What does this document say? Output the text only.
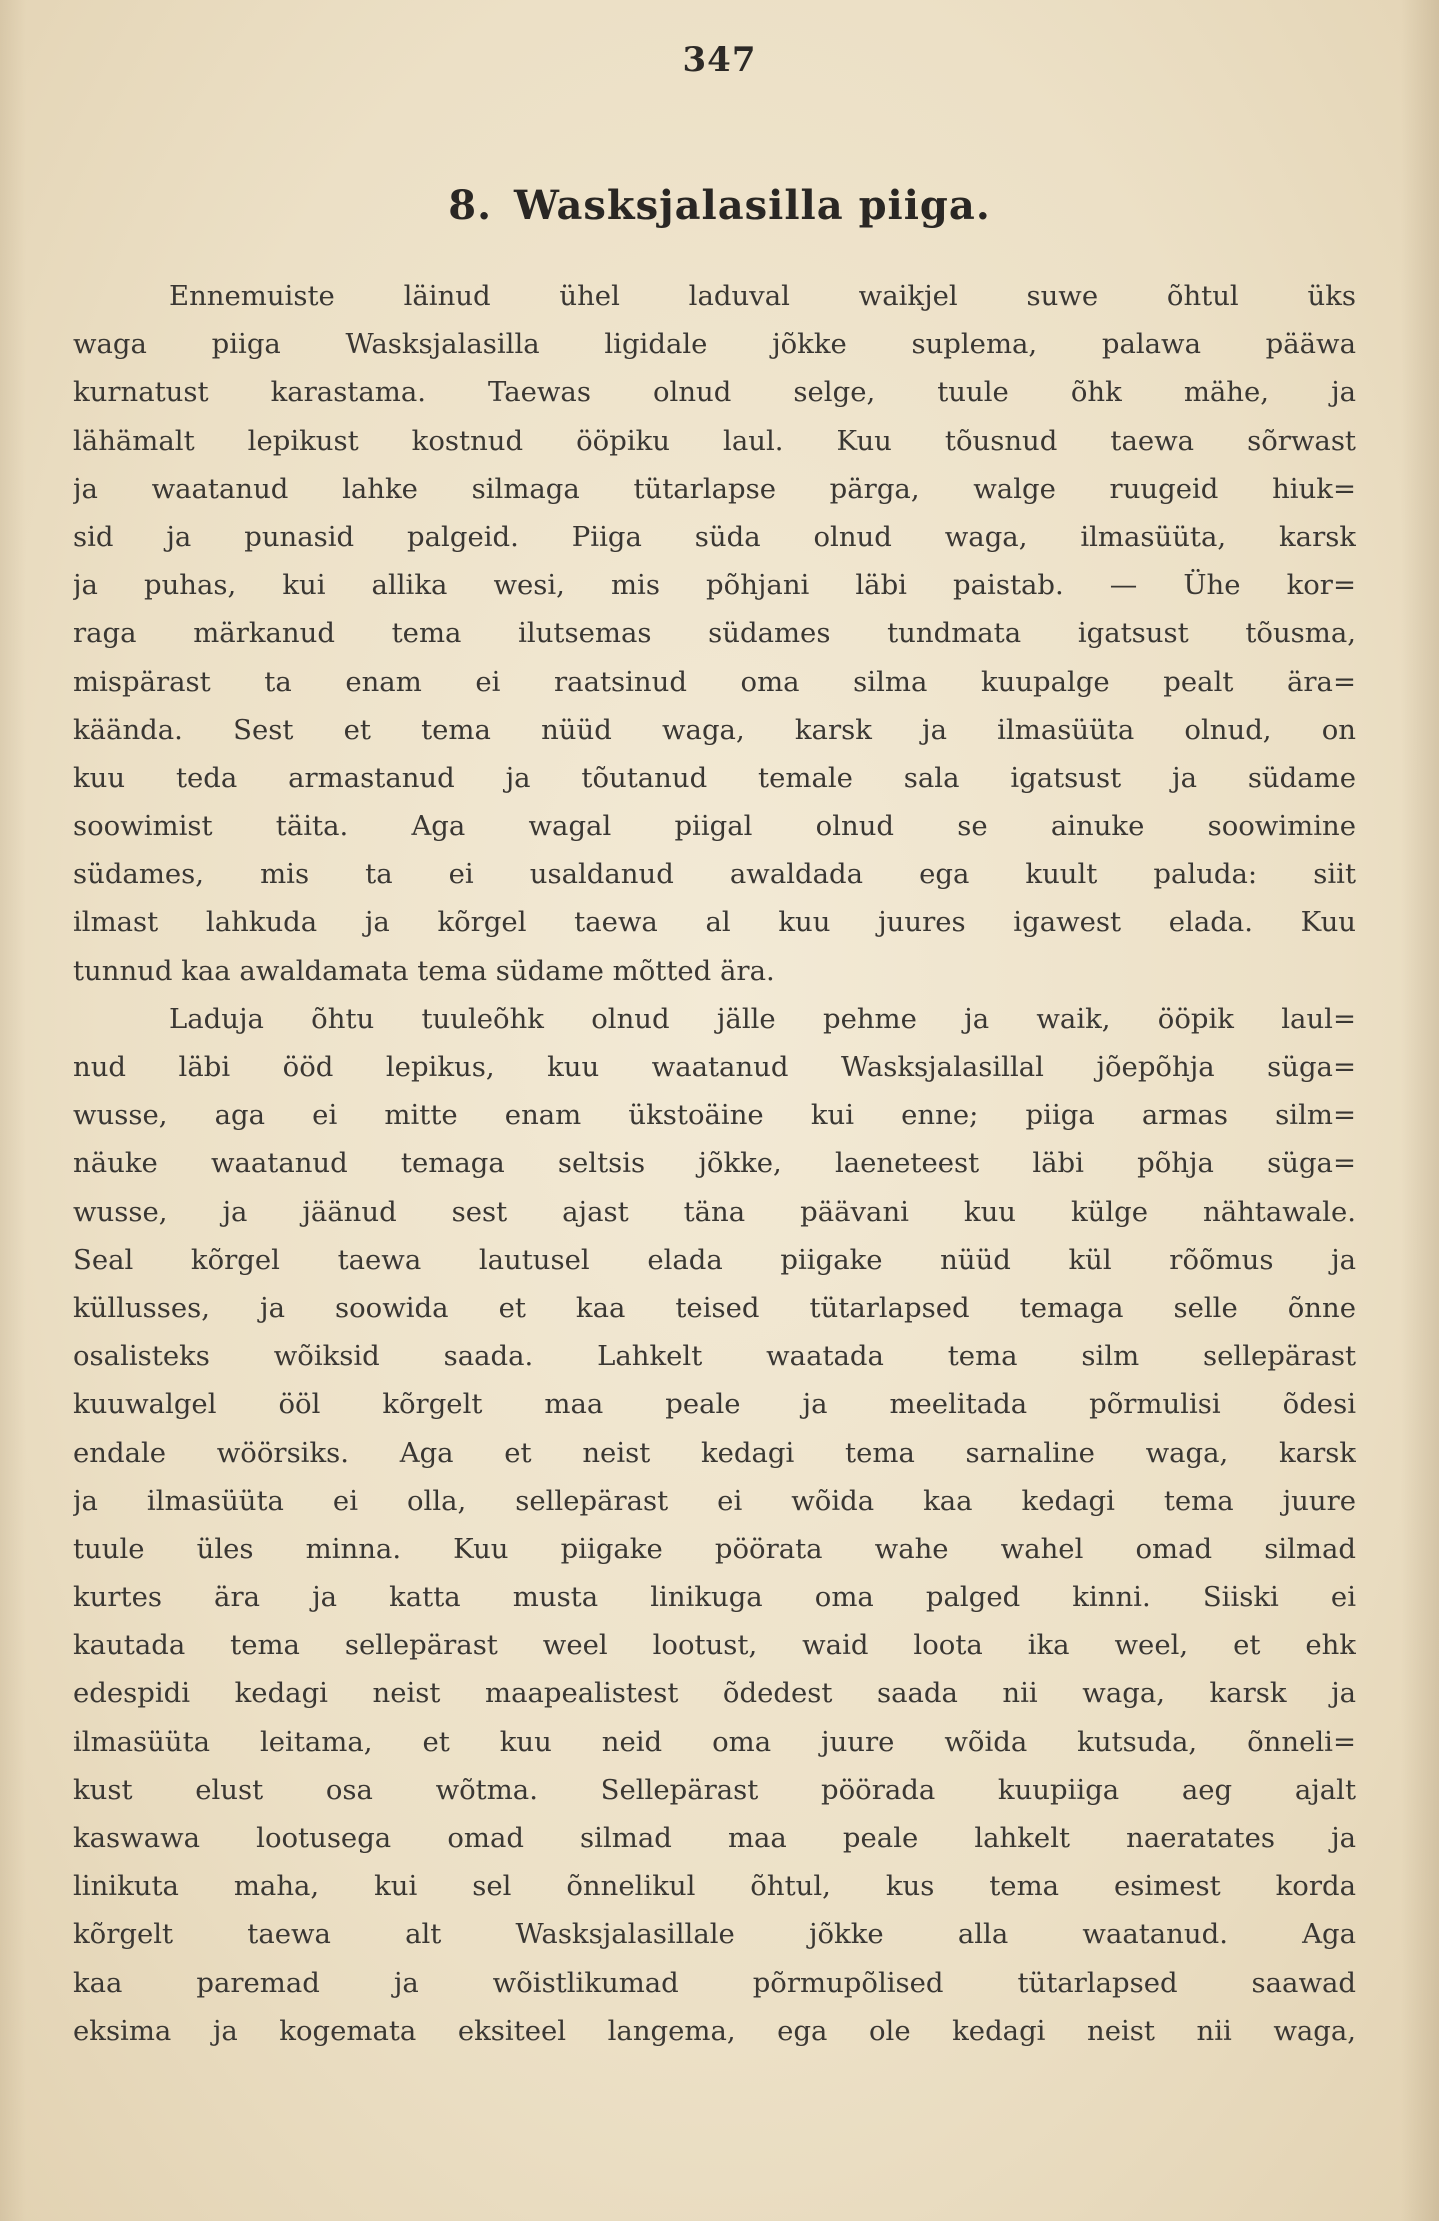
347
8. Wasksjalasilla piiga.
Ennemuiste läinud ühel laduval waikjel suwe õhtul üks
waga piiga Wasksjalasilla ligidale jõkke suplema, palawa pääwa
kurnatust karastama. Taewas olnud selge, tuule õhk mähe, ja
lähämalt lepikust kostnud ööpiku laul. Kuu tõusnud taewa sõrwast
ja waatanud lahke silmaga tütarlapse pärga, walge ruugeid hiuk=
sid ja punasid palgeid. Piiga süda olnud waga, ilmasüüta, karsk
ja puhas, kui allika wesi, mis põhjani läbi paistab. — Ühe kor=
raga märkanud tema ilutsemas südames tundmata igatsust tõusma,
mispärast ta enam ei raatsinud oma silma kuupalge pealt ära=
käända. Sest et tema nüüd waga, karsk ja ilmasüüta olnud, on
kuu teda armastanud ja tõutanud temale sala igatsust ja südame
soowimist täita. Aga wagal piigal olnud se ainuke soowimine
südames, mis ta ei usaldanud awaldada ega kuult paluda: siit
ilmast lahkuda ja kõrgel taewa al kuu juures igawest elada. Kuu
tunnud kaa awaldamata tema südame mõtted ära.
Laduja õhtu tuuleõhk olnud jälle pehme ja waik, ööpik laul=
nud läbi ööd lepikus, kuu waatanud Wasksjalasillal jõepõhja süga=
wusse, aga ei mitte enam ükstoäine kui enne; piiga armas silm=
näuke waatanud temaga seltsis jõkke, laeneteest läbi põhja süga=
wusse, ja jäänud sest ajast täna päävani kuu külge nähtawale.
Seal kõrgel taewa lautusel elada piigake nüüd kül rõõmus ja
küllusses, ja soowida et kaa teised tütarlapsed temaga selle õnne
osalisteks wõiksid saada. Lahkelt waatada tema silm sellepärast
kuuwalgel ööl kõrgelt maa peale ja meelitada põrmulisi õdesi
endale wöörsiks. Aga et neist kedagi tema sarnaline waga, karsk
ja ilmasüüta ei olla, sellepärast ei wõida kaa kedagi tema juure
tuule üles minna. Kuu piigake pöörata wahe wahel omad silmad
kurtes ära ja katta musta linikuga oma palged kinni. Siiski ei
kautada tema sellepärast weel lootust, waid loota ika weel, et ehk
edespidi kedagi neist maapealistest õdedest saada nii waga, karsk ja
ilmasüüta leitama, et kuu neid oma juure wõida kutsuda, õnneli=
kust elust osa wõtma. Sellepärast pöörada kuupiiga aeg ajalt
kaswawa lootusega omad silmad maa peale lahkelt naeratates ja
linikuta maha, kui sel õnnelikul õhtul, kus tema esimest korda
kõrgelt taewa alt Wasksjalasillale jõkke alla waatanud. Aga
kaa paremad ja wõistlikumad põrmupõlised tütarlapsed saawad
eksima ja kogemata eksiteel langema, ega ole kedagi neist nii waga,
